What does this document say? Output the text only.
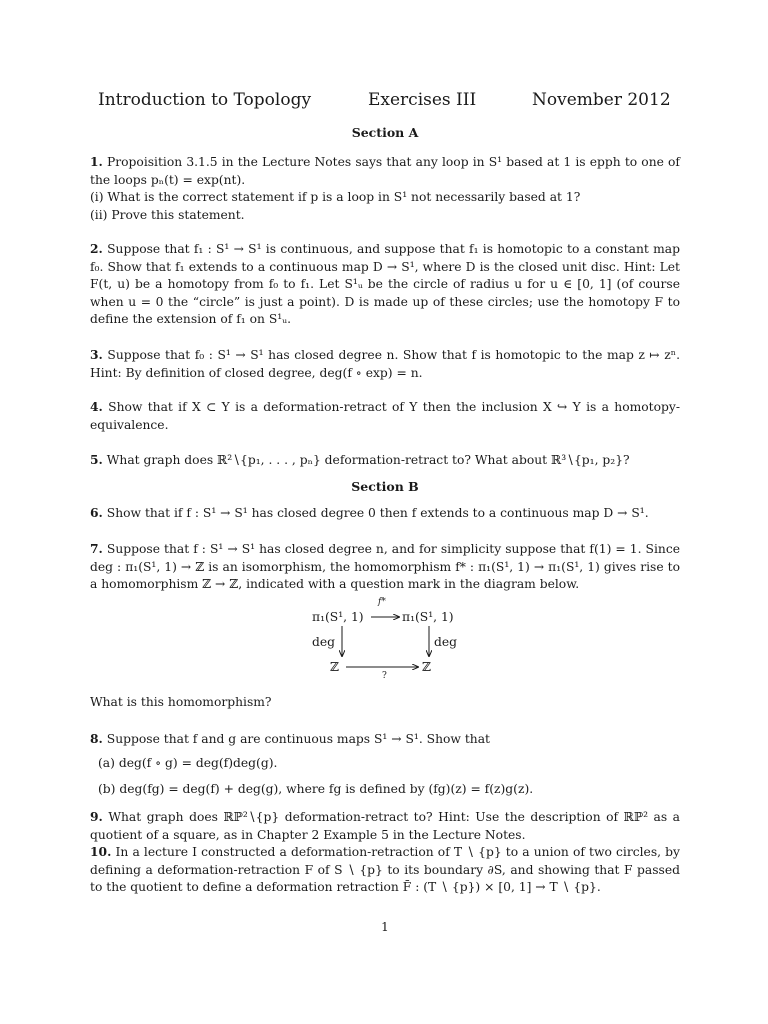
Introduction to Topology	Exercises III	November 2012
Section A
1. Propoisition 3.1.5 in the Lecture Notes says that any loop in S¹ based at 1 is epph to one of the loops pₙ(t) = exp(nt).
(i) What is the correct statement if p is a loop in S¹ not necessarily based at 1?
(ii) Prove this statement.
2. Suppose that f₁ : S¹ → S¹ is continuous, and suppose that f₁ is homotopic to a constant map f₀. Show that f₁ extends to a continuous map D → S¹, where D is the closed unit disc. Hint: Let F(t, u) be a homotopy from f₀ to f₁. Let S¹ᵤ be the circle of radius u for u ∈ [0, 1] (of course when u = 0 the “circle” is just a point). D is made up of these circles; use the homotopy F to define the extension of f₁ on S¹ᵤ.
3. Suppose that f₀ : S¹ → S¹ has closed degree n. Show that f is homotopic to the map z ↦ zⁿ. Hint: By definition of closed degree, deg(f ∘ exp) = n.
4. Show that if X ⊂ Y is a deformation-retract of Y then the inclusion X ↪ Y is a homotopy-equivalence.
5. What graph does ℝ²∖{p₁, . . . , pₙ} deformation-retract to? What about ℝ³∖{p₁, p₂}?
Section B
6. Show that if f : S¹ → S¹ has closed degree 0 then f extends to a continuous map D → S¹.
7. Suppose that f : S¹ → S¹ has closed degree n, and for simplicity suppose that f(1) = 1. Since deg : π₁(S¹, 1) → ℤ is an isomorphism, the homomorphism f* : π₁(S¹, 1) → π₁(S¹, 1) gives rise to a homomorphism ℤ → ℤ, indicated with a question mark in the diagram below.
π₁(S¹, 1)	π₁(S¹, 1)
f*
deg	deg
ℤ	ℤ
?
What is this homomorphism?
8. Suppose that f and g are continuous maps S¹ → S¹. Show that
(a) deg(f ∘ g) = deg(f)deg(g).
(b) deg(fg) = deg(f) + deg(g), where fg is defined by (fg)(z) = f(z)g(z).
9. What graph does ℝℙ²∖{p} deformation-retract to? Hint: Use the description of ℝℙ² as a quotient of a square, as in Chapter 2 Example 5 in the Lecture Notes.
10. In a lecture I constructed a deformation-retraction of T ∖ {p} to a union of two circles, by defining a deformation-retraction F of S ∖ {p} to its boundary ∂S, and showing that F passed to the quotient to define a deformation retraction F̄ : (T ∖ {p}) × [0, 1] → T ∖ {p}.
1
